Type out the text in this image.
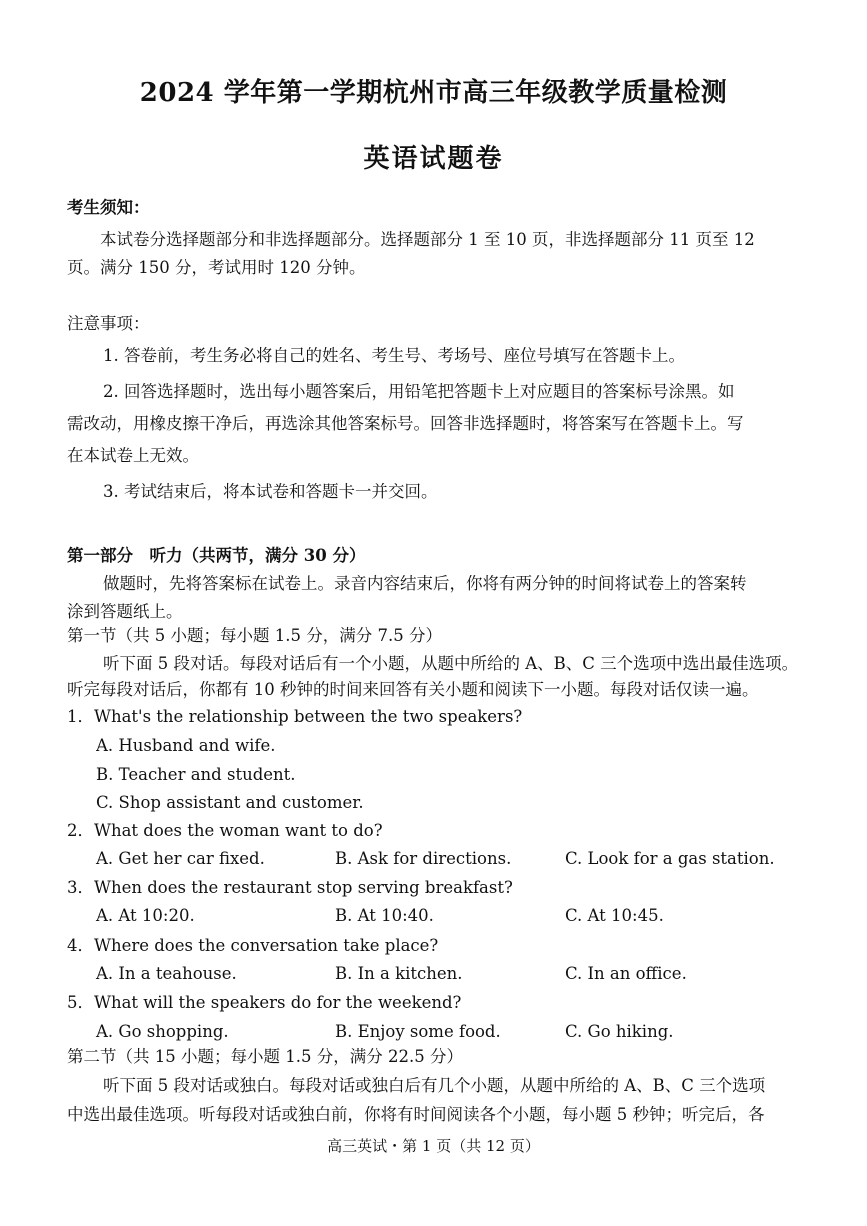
2024 学年第一学期杭州市高三年级教学质量检测
英语试题卷
考生须知：
本试卷分选择题部分和非选择题部分。选择题部分 1 至 10 页，非选择题部分 11 页至 12
页。满分 150 分，考试用时 120 分钟。
注意事项：
1. 答卷前，考生务必将自己的姓名、考生号、考场号、座位号填写在答题卡上。
2. 回答选择题时，选出每小题答案后，用铅笔把答题卡上对应题目的答案标号涂黑。如
需改动，用橡皮擦干净后，再选涂其他答案标号。回答非选择题时，将答案写在答题卡上。写
在本试卷上无效。
3. 考试结束后，将本试卷和答题卡一并交回。
第一部分　听力（共两节，满分 30 分）
做题时，先将答案标在试卷上。录音内容结束后，你将有两分钟的时间将试卷上的答案转
涂到答题纸上。
第一节（共 5 小题；每小题 1.5 分，满分 7.5 分）
听下面 5 段对话。每段对话后有一个小题，从题中所给的 A、B、C 三个选项中选出最佳选项。
听完每段对话后，你都有 10 秒钟的时间来回答有关小题和阅读下一小题。每段对话仅读一遍。
1．What's the relationship between the two speakers?
A. Husband and wife.
B. Teacher and student.
C. Shop assistant and customer.
2．What does the woman want to do?
A. Get her car fixed.	B. Ask for directions.	C. Look for a gas station.
3．When does the restaurant stop serving breakfast?
A. At 10:20.	B. At 10:40.	C. At 10:45.
4．Where does the conversation take place?
A. In a teahouse.	B. In a kitchen.	C. In an office.
5．What will the speakers do for the weekend?
A. Go shopping.	B. Enjoy some food.	C. Go hiking.
第二节（共 15 小题；每小题 1.5 分，满分 22.5 分）
听下面 5 段对话或独白。每段对话或独白后有几个小题，从题中所给的 A、B、C 三个选项
中选出最佳选项。听每段对话或独白前，你将有时间阅读各个小题，每小题 5 秒钟；听完后，各
高三英试・第 1 页（共 12 页）
